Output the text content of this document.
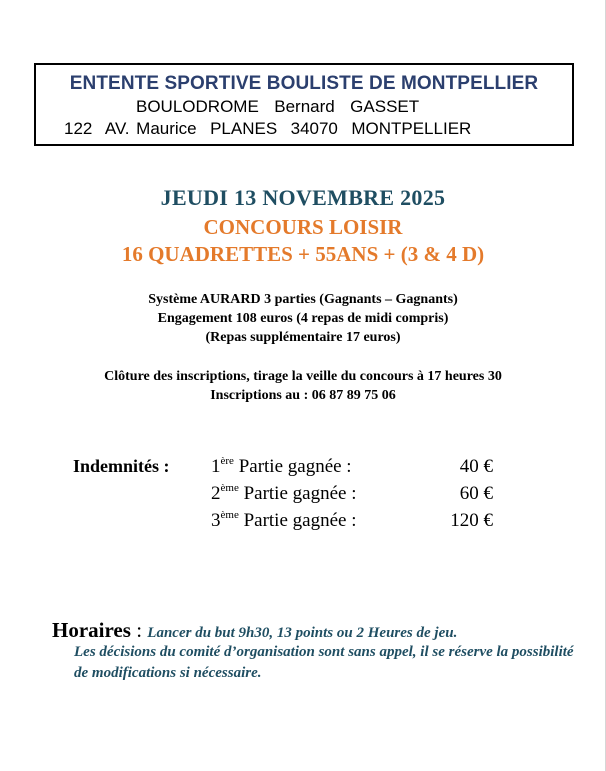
ENTENTE SPORTIVE BOULISTE DE MONTPELLIER
BOULODROME  Bernard  GASSET
122  AV. Maurice  PLANES  34070  MONTPELLIER
JEUDI 13 NOVEMBRE 2025
CONCOURS LOISIR
16 QUADRETTES + 55ANS + (3 & 4 D)
Système AURARD 3 parties (Gagnants – Gagnants)
Engagement 108 euros (4 repas de midi compris)
(Repas supplémentaire 17 euros)
Clôture des inscriptions, tirage la veille du concours à 17 heures 30
Inscriptions au : 06 87 89 75 06
Indemnités : 1ère Partie gagnée :	40 €
2ème Partie gagnée :	60 €
3ème Partie gagnée :	120 €
Horaires : Lancer du but 9h30, 13 points ou 2 Heures de jeu.
Les décisions du comité d’organisation sont sans appel, il se réserve la possibilité de modifications si nécessaire.
